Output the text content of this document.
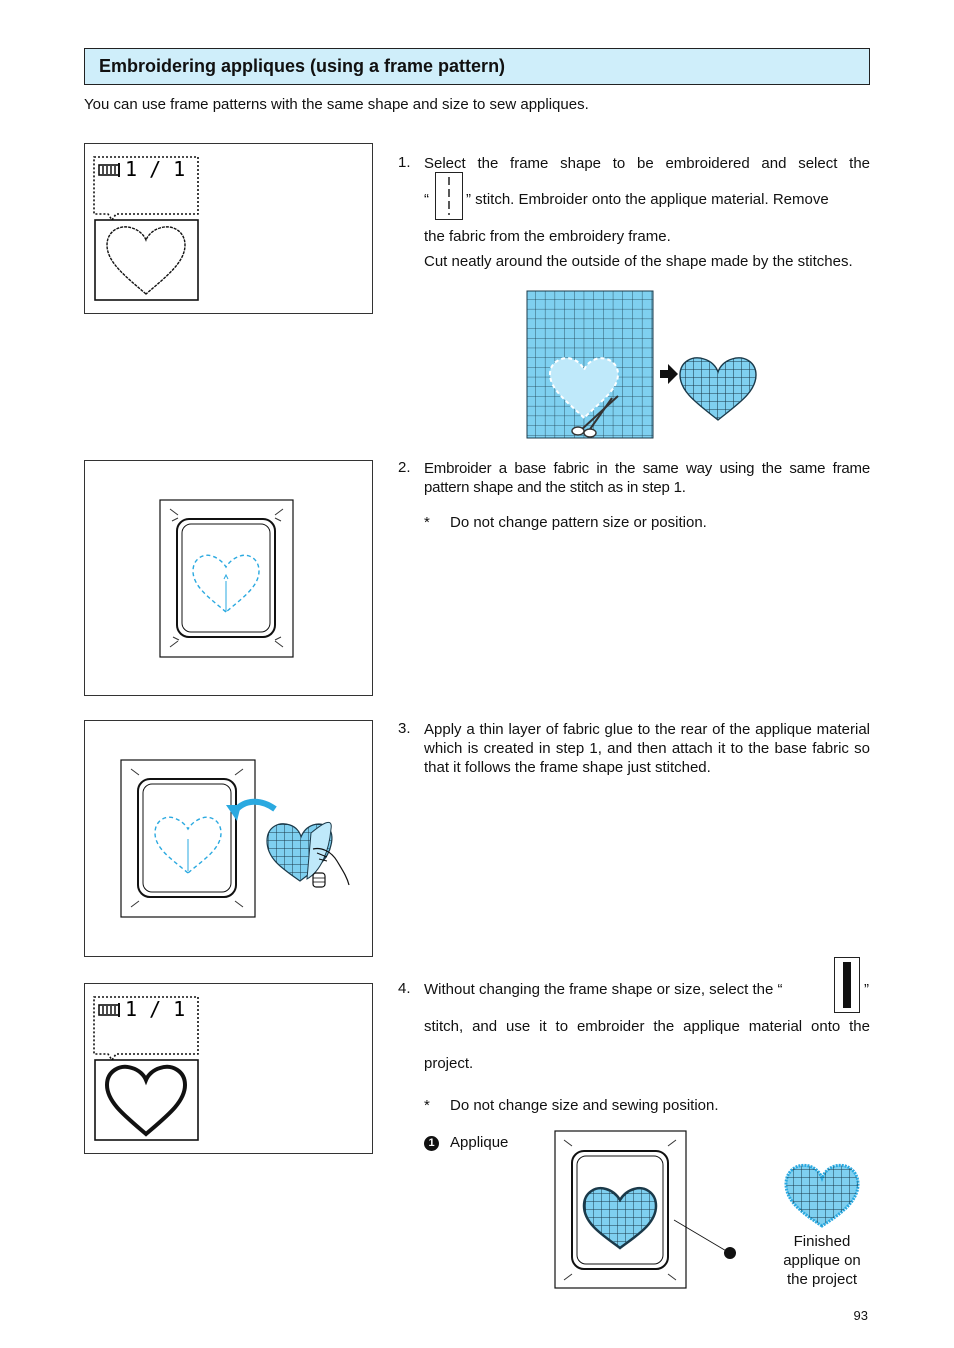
Embroidering appliques (using a frame pattern)
You can use frame patterns with the same shape and size to sew appliques.
1 / 1	1. Select the frame shape to be embroidered and select the
“ ” stitch. Embroider onto the applique material. Remove
the fabric from the embroidery frame.
Cut neatly around the outside of the shape made by the stitches.
2. Embroider a base fabric in the same way using the same frame pattern shape and the stitch as in step 1.
* Do not change pattern size or position.
3. Apply a thin layer of fabric glue to the rear of the applique material which is created in step 1, and then attach it to the base fabric so that it follows the frame shape just stitched.
1 / 1
4. Without changing the frame shape or size, select the “	”
stitch, and use it to embroider the applique material onto the
project.
* Do not change size and sewing position.
1 Applique
Finished
applique on
the project
93
